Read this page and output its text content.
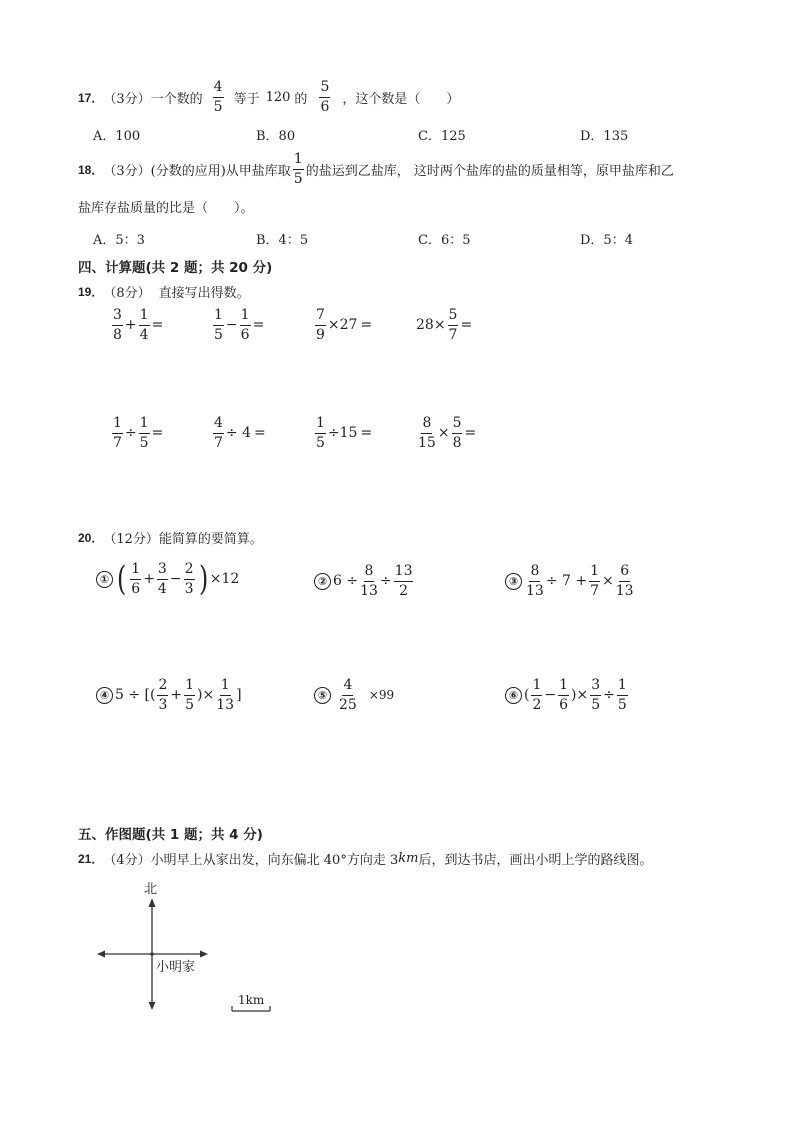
17． （3分） 一个数的 $\frac{4}{5}$ 等于 120 的 $\frac{5}{6}$ ，这个数是（　　）
A．100	B．80	C．125	D．135
18． （3分） (分数的应用)从甲盐库取 $\frac{1}{5}$ 的盐运到乙盐库， 这时两个盐库的盐的质量相等，原甲盐库和乙
盐库存盐质量的比是（　　）。
A．5：3	B．4：5	C．6：5	D．5：4
四、计算题(共 2 题；共 20 分)
19． （8分） 直接写出得数。
$\frac{3}{8} + \frac{1}{4}$ =	$\frac{1}{5} - \frac{1}{6}$ =	$\frac{7}{9} \times 27$ =	$28\times \frac{5}{7}$ =
$\frac{1}{7} \div \frac{1}{5}$ =	$\frac{4}{7} \div 4$ =	$\frac{1}{5} \div 15$ =	$\frac{8}{15} \times \frac{5}{8}$ =
20． （12分） 能简算的要简算。
① ( $\frac{1}{6} + \frac{3}{4} - \frac{2}{3}$ ) ×12	② $6 \div \frac{8}{13} \div \frac{13}{2}$	③ $\frac{8}{13} \div 7 + \frac{1}{7} \times \frac{6}{13}$
④ 5 ÷ [( $\frac{2}{3} + \frac{1}{5}$ )× $\frac{1}{13}$ ]	⑤ $\frac{4}{25} \times 99$	⑥ ( $\frac{1}{2} - \frac{1}{6}$ )× $\frac{3}{5} \div \frac{1}{5}$
五、作图题(共 1 题；共 4 分)
21． （4分） 小明早上从家出发，向东偏北 40°方向走 3 km 后，到达书店，画出小明上学的路线图。
北
小明家
1km
